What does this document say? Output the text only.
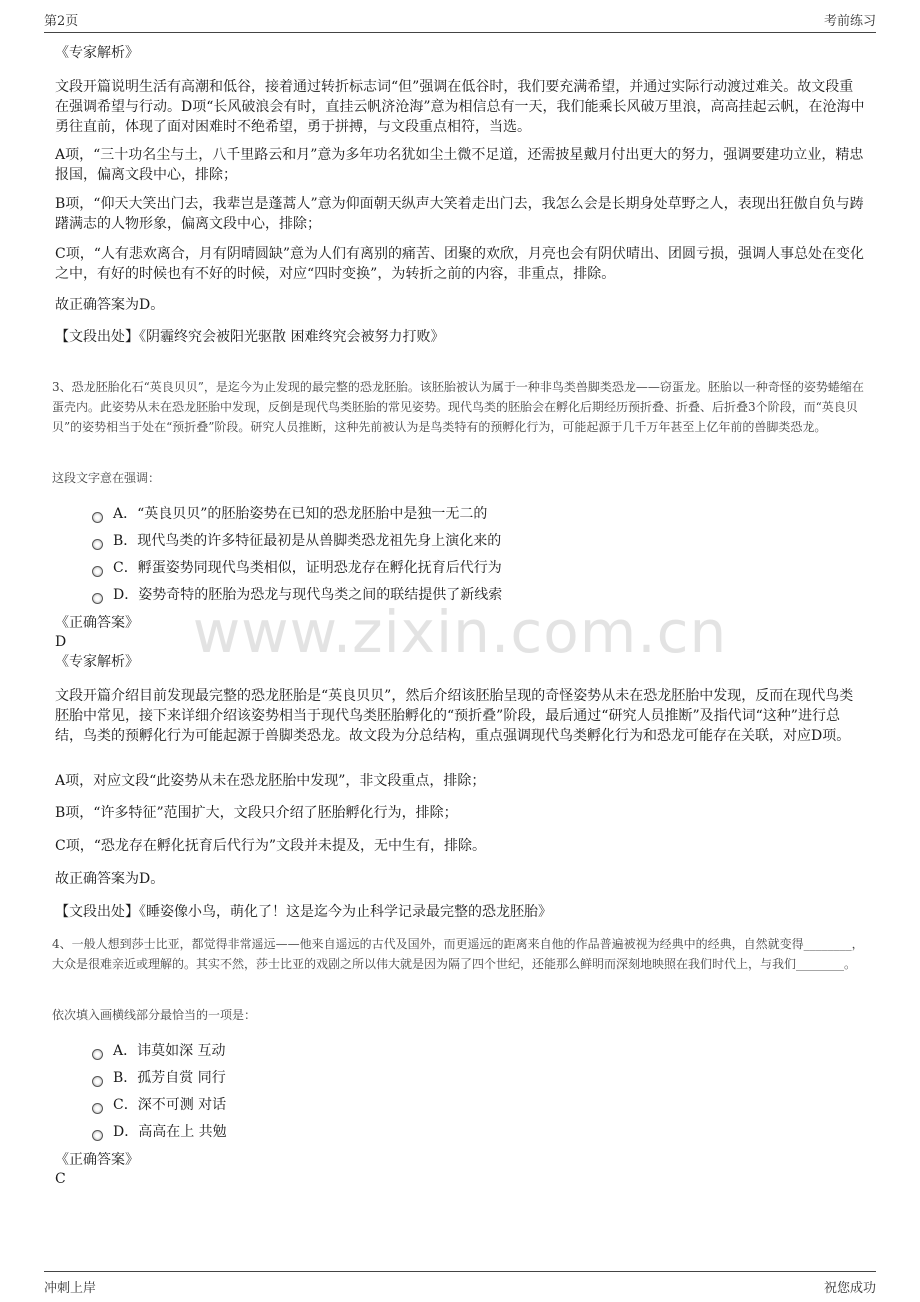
第2页	考前练习
www.zixin.com.cn

《专家解析》

文段开篇说明生活有高潮和低谷，接着通过转折标志词“但”强调在低谷时，我们要充满希望，并通过实际行动渡过难关。故文段重在强调希望与行动。D项“长风破浪会有时，直挂云帆济沧海”意为相信总有一天，我们能乘长风破万里浪，高高挂起云帆，在沧海中勇往直前，体现了面对困难时不绝希望，勇于拼搏，与文段重点相符，当选。

A项，“三十功名尘与土，八千里路云和月”意为多年功名犹如尘土微不足道，还需披星戴月付出更大的努力，强调要建功立业，精忠报国，偏离文段中心，排除；

B项，“仰天大笑出门去，我辈岂是蓬蒿人”意为仰面朝天纵声大笑着走出门去，我怎么会是长期身处草野之人，表现出狂傲自负与踌躇满志的人物形象，偏离文段中心，排除；

C项，“人有悲欢离合，月有阴晴圆缺”意为人们有离别的痛苦、团聚的欢欣，月亮也会有阴伏晴出、团圆亏损，强调人事总处在变化之中，有好的时候也有不好的时候，对应“四时变换”，为转折之前的内容，非重点，排除。

故正确答案为D。

【文段出处】《阴霾终究会被阳光驱散 困难终究会被努力打败》

3、恐龙胚胎化石“英良贝贝”，是迄今为止发现的最完整的恐龙胚胎。该胚胎被认为属于一种非鸟类兽脚类恐龙——窃蛋龙。胚胎以一种奇怪的姿势蜷缩在蛋壳内。此姿势从未在恐龙胚胎中发现，反倒是现代鸟类胚胎的常见姿势。现代鸟类的胚胎会在孵化后期经历预折叠、折叠、后折叠3个阶段，而“英良贝贝”的姿势相当于处在“预折叠”阶段。研究人员推断，这种先前被认为是鸟类特有的预孵化行为，可能起源于几千万年甚至上亿年前的兽脚类恐龙。

这段文字意在强调：

A．“英良贝贝”的胚胎姿势在已知的恐龙胚胎中是独一无二的
B．现代鸟类的许多特征最初是从兽脚类恐龙祖先身上演化来的
C．孵蛋姿势同现代鸟类相似，证明恐龙存在孵化抚育后代行为
D．姿势奇特的胚胎为恐龙与现代鸟类之间的联结提供了新线索

《正确答案》

D

《专家解析》

文段开篇介绍目前发现最完整的恐龙胚胎是“英良贝贝”，然后介绍该胚胎呈现的奇怪姿势从未在恐龙胚胎中发现，反而在现代鸟类胚胎中常见，接下来详细介绍该姿势相当于现代鸟类胚胎孵化的“预折叠”阶段，最后通过“研究人员推断”及指代词“这种”进行总结，鸟类的预孵化行为可能起源于兽脚类恐龙。故文段为分总结构，重点强调现代鸟类孵化行为和恐龙可能存在关联，对应D项。

A项，对应文段“此姿势从未在恐龙胚胎中发现”，非文段重点，排除；

B项，“许多特征”范围扩大，文段只介绍了胚胎孵化行为，排除；

C项，“恐龙存在孵化抚育后代行为”文段并未提及，无中生有，排除。

故正确答案为D。

【文段出处】《睡姿像小鸟，萌化了！这是迄今为止科学记录最完整的恐龙胚胎》

4、一般人想到莎士比亚，都觉得非常遥远——他来自遥远的古代及国外，而更遥远的距离来自他的作品普遍被视为经典中的经典，自然就变得________，大众是很难亲近或理解的。其实不然，莎士比亚的戏剧之所以伟大就是因为隔了四个世纪，还能那么鲜明而深刻地映照在我们时代上，与我们________。

依次填入画横线部分最恰当的一项是：

A．讳莫如深 互动
B．孤芳自赏 同行
C．深不可测 对话
D．高高在上 共勉

《正确答案》

C

冲刺上岸	祝您成功
